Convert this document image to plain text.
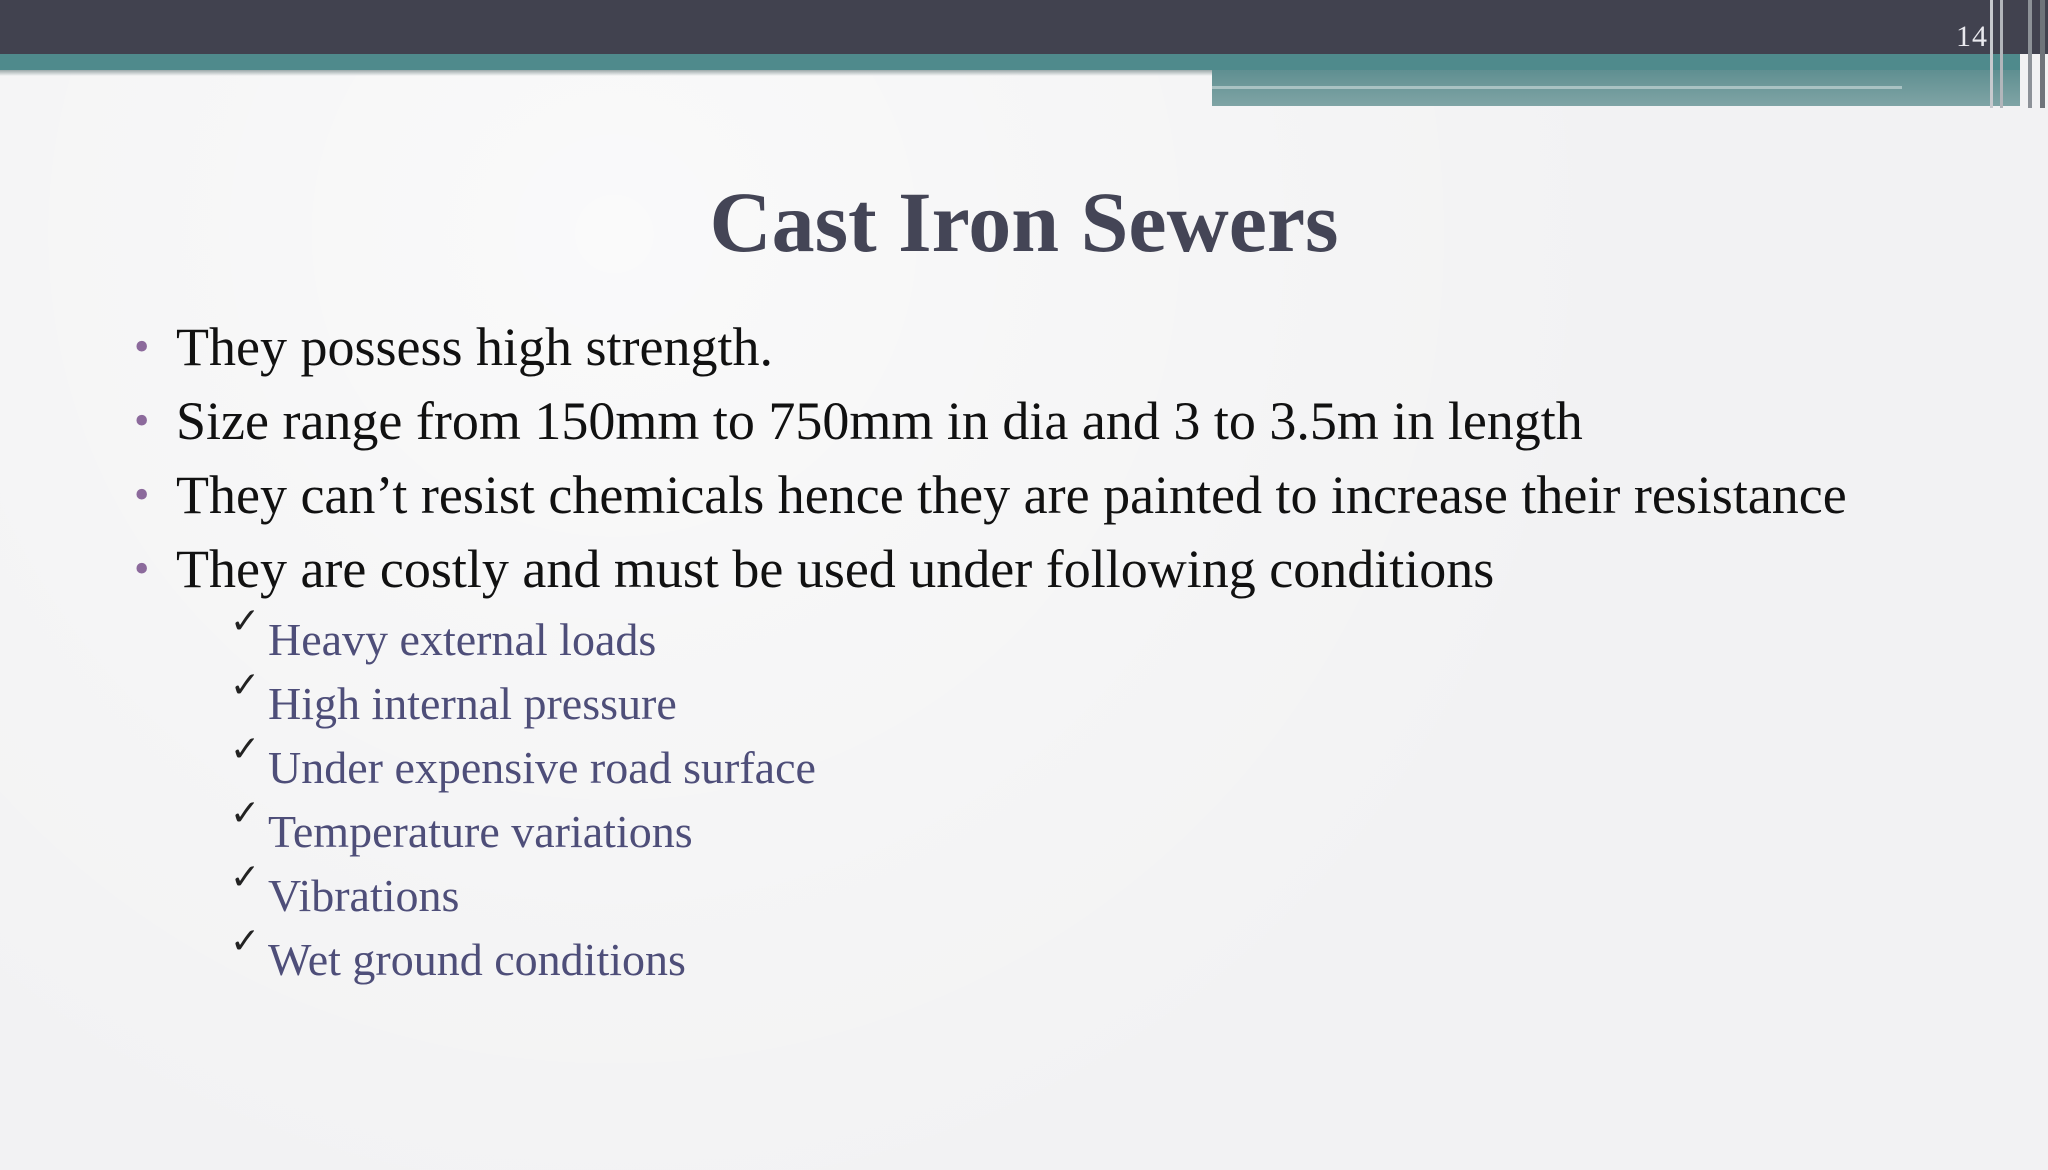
14
Cast Iron Sewers
• They possess high strength.
• Size range from 150mm to 750mm in dia and 3 to 3.5m in length
• They can’t resist chemicals hence they are painted to increase their resistance
• They are costly and must be used under following conditions
✓ Heavy external loads
✓ High internal pressure
✓ Under expensive road surface
✓ Temperature variations
✓ Vibrations
✓ Wet ground conditions
